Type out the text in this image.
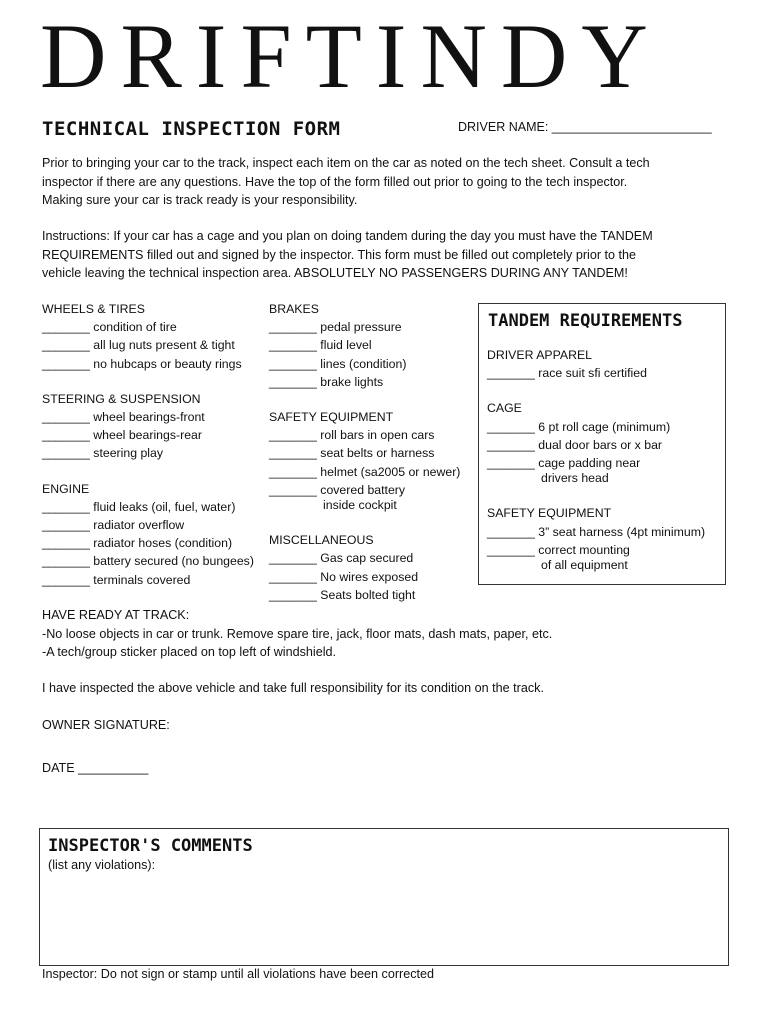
DRIFTINDY
TECHNICAL INSPECTION FORM	DRIVER NAME: _______________________
Prior to bringing your car to the track, inspect each item on the car as noted on the tech sheet. Consult a tech
inspector if there are any questions. Have the top of the form filled out prior to going to the tech inspector.
Making sure your car is track ready is your responsibility.
Instructions: If your car has a cage and you plan on doing tandem during the day you must have the TANDEM
REQUIREMENTS filled out and signed by the inspector. This form must be filled out completely prior to the
vehicle leaving the technical inspection area. ABSOLUTELY NO PASSENGERS DURING ANY TANDEM!
WHEELS & TIRES
_______ condition of tire
_______ all lug nuts present & tight
_______ no hubcaps or beauty rings
STEERING & SUSPENSION
_______ wheel bearings-front
_______ wheel bearings-rear
_______ steering play
ENGINE
_______ fluid leaks (oil, fuel, water)
_______ radiator overflow
_______ radiator hoses (condition)
_______ battery secured (no bungees)
_______ terminals covered
BRAKES
_______ pedal pressure
_______ fluid level
_______ lines (condition)
_______ brake lights
SAFETY EQUIPMENT
_______ roll bars in open cars
_______ seat belts or harness
_______ helmet (sa2005 or newer)
_______ covered battery
inside cockpit
MISCELLANEOUS
_______ Gas cap secured
_______ No wires exposed
_______ Seats bolted tight
TANDEM REQUIREMENTS
DRIVER APPAREL
_______ race suit sfi certified
CAGE
_______ 6 pt roll cage (minimum)
_______ dual door bars or x bar
_______ cage padding near
drivers head
SAFETY EQUIPMENT
_______ 3” seat harness (4pt minimum)
_______ correct mounting
of all equipment
HAVE READY AT TRACK:
-No loose objects in car or trunk. Remove spare tire, jack, floor mats, dash mats, paper, etc.
-A tech/group sticker placed on top left of windshield.
I have inspected the above vehicle and take full responsibility for its condition on the track.
OWNER SIGNATURE:
DATE __________
INSPECTOR'S COMMENTS
(list any violations):
Inspector: Do not sign or stamp until all violations have been corrected
